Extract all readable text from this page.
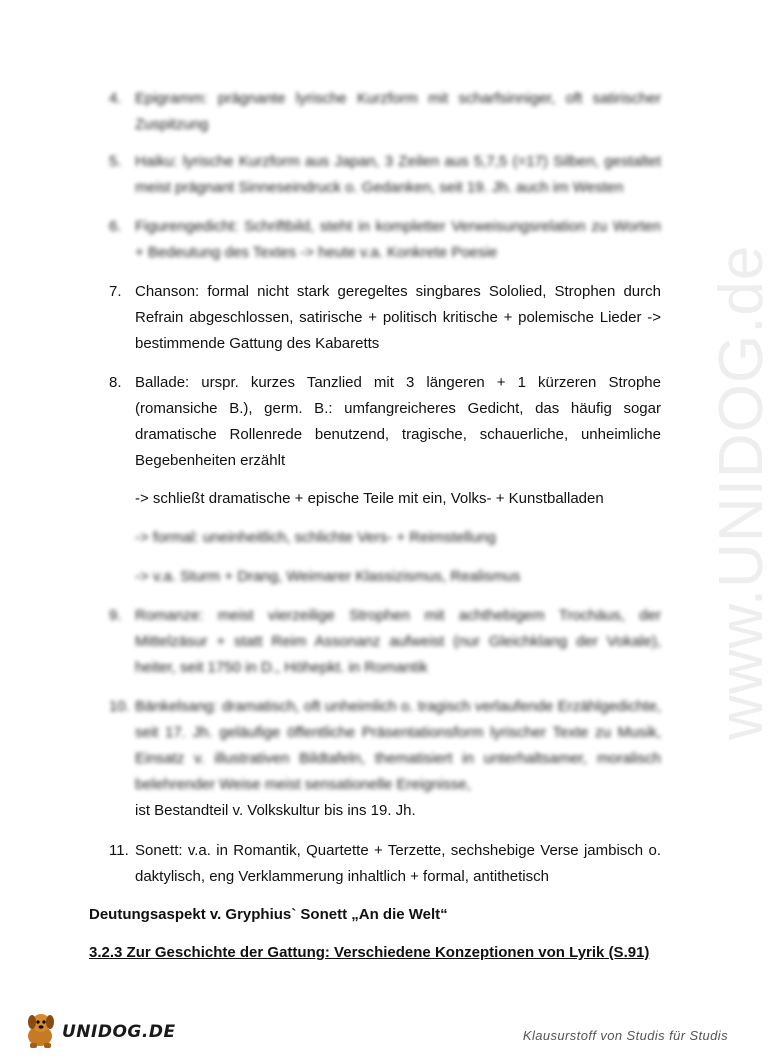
www.UNIDOG.de
4. Epigramm: prägnante lyrische Kurzform mit scharfsinniger, oft satirischer Zuspitzung
5. Haiku: lyrische Kurzform aus Japan, 3 Zeilen aus 5,7,5 (=17) Silben, gestaltet meist prägnant Sinneseindruck o. Gedanken, seit 19. Jh. auch im Westen
6. Figurengedicht: Schriftbild, steht in kompletter Verweisungsrelation zu Worten + Bedeutung des Textes -> heute v.a. Konkrete Poesie
7. Chanson: formal nicht stark geregeltes singbares Sololied, Strophen durch Refrain abgeschlossen, satirische + politisch kritische + polemische Lieder -> bestimmende Gattung des Kabaretts
8. Ballade: urspr. kurzes Tanzlied mit 3 längeren + 1 kürzeren Strophe (romansiche B.), germ. B.: umfangreicheres Gedicht, das häufig sogar dramatische Rollenrede benutzend, tragische, schauerliche, unheimliche Begebenheiten erzählt
-> schließt dramatische + epische Teile mit ein, Volks- + Kunstballaden
-> formal: uneinheitlich, schlichte Vers- + Reimstellung
-> v.a. Sturm + Drang, Weimarer Klassizismus, Realismus
9. Romanze: meist vierzeilige Strophen mit achthebigem Trochäus, der Mittelzäsur + statt Reim Assonanz aufweist (nur Gleichklang der Vokale), heiter, seit 1750 in D., Höhepkt. in Romantik
10. Bänkelsang: dramatisch, oft unheimlich o. tragisch verlaufende Erzählgedichte, seit 17. Jh. geläufige öffentliche Präsentationsform lyrischer Texte zu Musik, Einsatz v. illustrativen Bildtafeln, thematisiert in unterhaltsamer, moralisch belehrender Weise meist sensationelle Ereignisse,
ist Bestandteil v. Volkskultur bis ins 19. Jh.
11. Sonett: v.a. in Romantik, Quartette + Terzette, sechshebige Verse jambisch o. daktylisch, eng Verklammerung inhaltlich + formal, antithetisch
Deutungsaspekt v. Gryphius` Sonett „An die Welt“
3.2.3 Zur Geschichte der Gattung: Verschiedene Konzeptionen von Lyrik (S.91)
UNIDOG.DE	Klausurstoff von Studis für Studis
